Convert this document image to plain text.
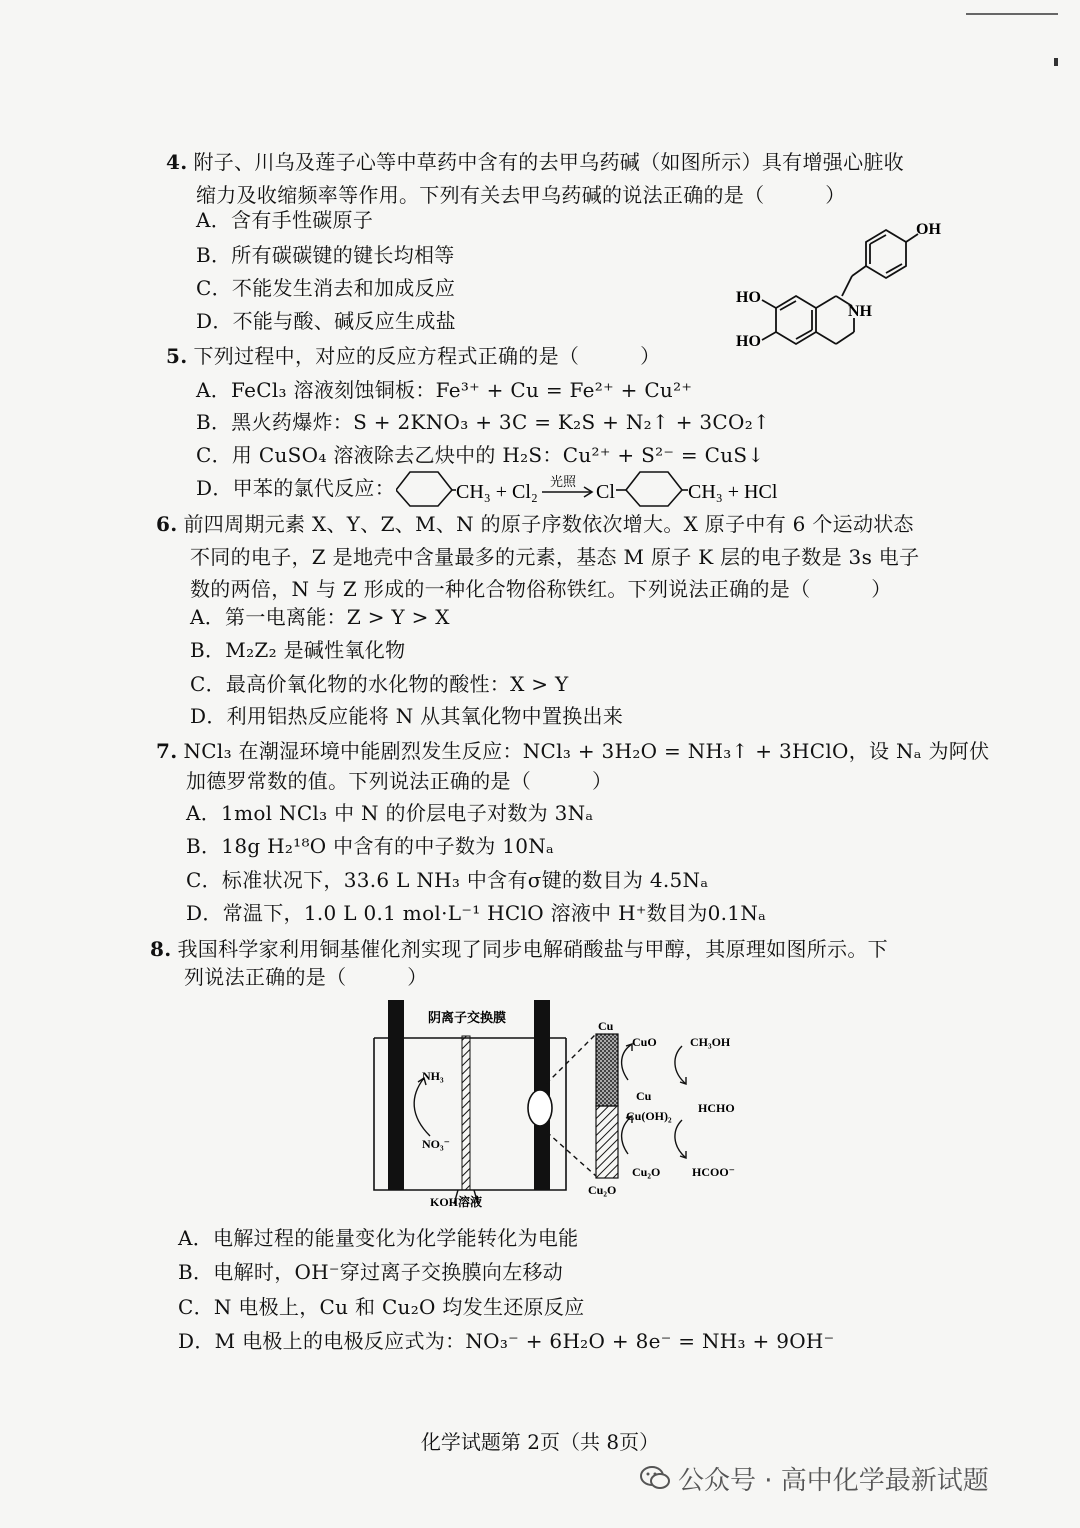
4. 附子、川乌及莲子心等中草药中含有的去甲乌药碱（如图所示）具有增强心脏收
缩力及收缩频率等作用。下列有关去甲乌药碱的说法正确的是（　　　）
A．含有手性碳原子
B．所有碳碳键的键长均相等
C．不能发生消去和加成反应
D．不能与酸、碱反应生成盐
OH
HO
HO
NH
5. 下列过程中，对应的反应方程式正确的是（　　　）
A．FeCl₃ 溶液刻蚀铜板：Fe³⁺ + Cu = Fe²⁺ + Cu²⁺
B．黑火药爆炸：S + 2KNO₃ + 3C = K₂S + N₂↑ + 3CO₂↑
C．用 CuSO₄ 溶液除去乙炔中的 H₂S：Cu²⁺ + S²⁻ = CuS↓
D．甲苯的氯代反应：	CH₃ + Cl₂ 光照 Cl	CH₃ + HCl
6. 前四周期元素 X、Y、Z、M、N 的原子序数依次增大。X 原子中有 6 个运动状态
不同的电子，Z 是地壳中含量最多的元素，基态 M 原子 K 层的电子数是 3s 电子
数的两倍，N 与 Z 形成的一种化合物俗称铁红。下列说法正确的是（　　　）
A．第一电离能：Z > Y > X
B．M₂Z₂ 是碱性氧化物
C．最高价氧化物的水化物的酸性：X > Y
D．利用铝热反应能将 N 从其氧化物中置换出来
7. NCl₃ 在潮湿环境中能剧烈发生反应：NCl₃ + 3H₂O = NH₃↑ + 3HClO，设 Nₐ 为阿伏
加德罗常数的值。下列说法正确的是（　　　）
A．1mol NCl₃ 中 N 的价层电子对数为 3Nₐ
B．18g H₂¹⁸O 中含有的中子数为 10Nₐ
C．标准状况下，33.6 L NH₃ 中含有σ键的数目为 4.5Nₐ
D．常温下，1.0 L 0.1 mol·L⁻¹ HClO 溶液中 H⁺数目为0.1Nₐ
8. 我国科学家利用铜基催化剂实现了同步电解硝酸盐与甲醇，其原理如图所示。下
列说法正确的是（　　　）
阴离子交换膜
KOH溶液
NH₃
NO₃⁻
Cu
CuO	CH₃OH
Cu
Cu(OH)₂
HCHO
Cu₂O	HCOO⁻
Cu₂O
A．电解过程的能量变化为化学能转化为电能
B．电解时，OH⁻穿过离子交换膜向左移动
C．N 电极上，Cu 和 Cu₂O 均发生还原反应
D．M 电极上的电极反应式为：NO₃⁻ + 6H₂O + 8e⁻ = NH₃ + 9OH⁻
化学试题第 2页（共 8页）
公众号 · 高中化学最新试题
